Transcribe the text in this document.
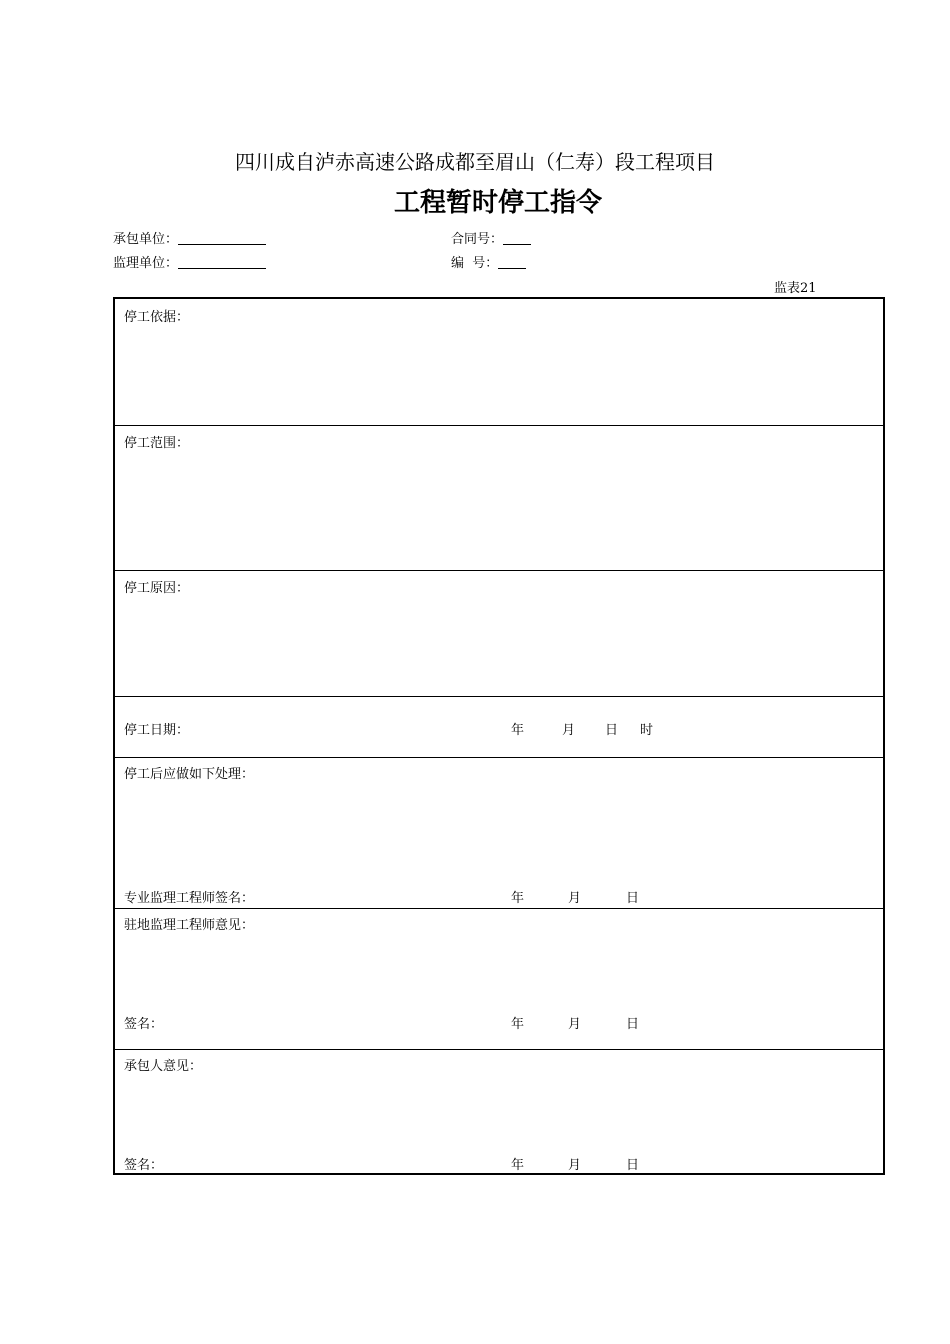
四川成自泸赤高速公路成都至眉山（仁寿）段工程项目
工程暂时停工指令
承包单位：
监理单位：
合同号：
编  号：
监表21
停工依据：
停工范围：
停工原因：
停工日期：	年	月 日 时
停工后应做如下处理：
专业监理工程师签名：	年	月	日
驻地监理工程师意见：
签名：	年	月	日
承包人意见：
签名：	年	月	日
